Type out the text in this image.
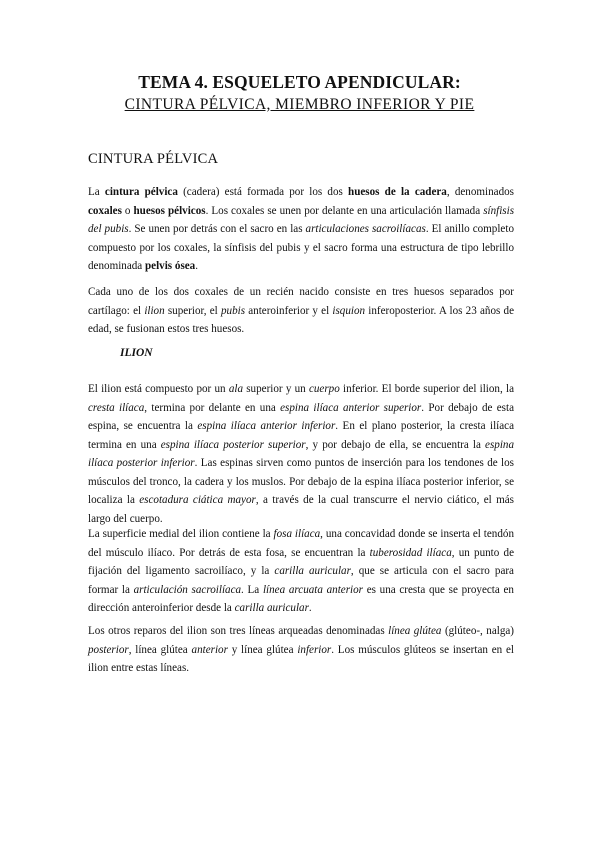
TEMA 4. ESQUELETO APENDICULAR:
CINTURA PÉLVICA, MIEMBRO INFERIOR Y PIE
CINTURA PÉLVICA

La cintura pélvica (cadera) está formada por los dos huesos de la cadera, denominados coxales o huesos pélvicos. Los coxales se unen por delante en una articulación llamada sínfisis del pubis. Se unen por detrás con el sacro en las articulaciones sacroilíacas. El anillo completo compuesto por los coxales, la sínfisis del pubis y el sacro forma una estructura de tipo lebrillo denominada pelvis ósea.

Cada uno de los dos coxales de un recién nacido consiste en tres huesos separados por cartílago: el ilion superior, el pubis anteroinferior y el isquion inferoposterior. A los 23 años de edad, se fusionan estos tres huesos.

ILION

El ilion está compuesto por un ala superior y un cuerpo inferior. El borde superior del ilion, la cresta ilíaca, termina por delante en una espina ilíaca anterior superior. Por debajo de esta espina, se encuentra la espina ilíaca anterior inferior. En el plano posterior, la cresta ilíaca termina en una espina ilíaca posterior superior, y por debajo de ella, se encuentra la espina ilíaca posterior inferior. Las espinas sirven como puntos de inserción para los tendones de los músculos del tronco, la cadera y los muslos. Por debajo de la espina ilíaca posterior inferior, se localiza la escotadura ciática mayor, a través de la cual transcurre el nervio ciático, el más largo del cuerpo.

La superficie medial del ilion contiene la fosa ilíaca, una concavidad donde se inserta el tendón del músculo ilíaco. Por detrás de esta fosa, se encuentran la tuberosidad ilíaca, un punto de fijación del ligamento sacroilíaco, y la carilla auricular, que se articula con el sacro para formar la articulación sacroilíaca. La línea arcuata anterior es una cresta que se proyecta en dirección anteroinferior desde la carilla auricular.

Los otros reparos del ilion son tres líneas arqueadas denominadas línea glútea (glúteo-, nalga) posterior, línea glútea anterior y línea glútea inferior. Los músculos glúteos se insertan en el ilion entre estas líneas.
